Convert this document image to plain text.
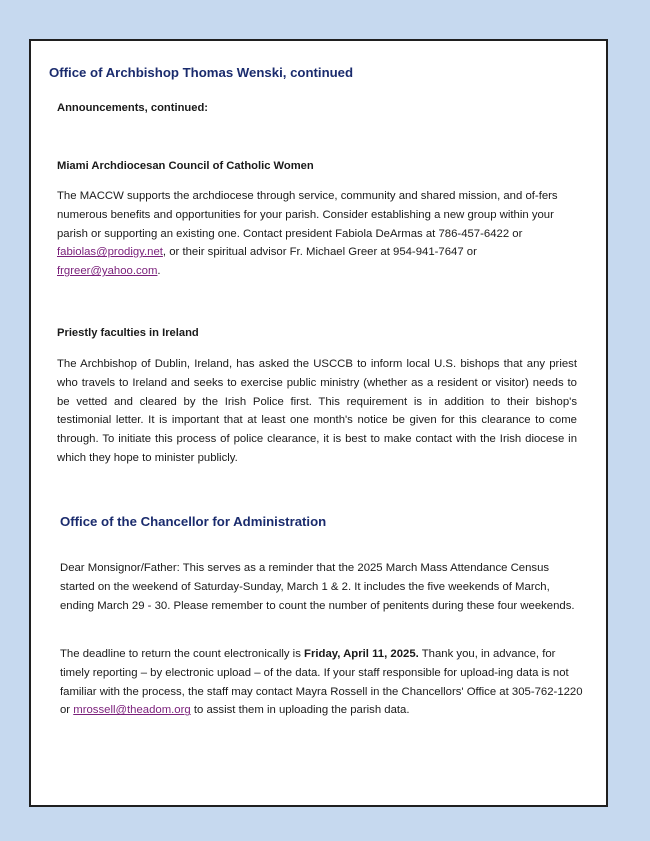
Office of Archbishop Thomas Wenski, continued
Announcements, continued:
Miami Archdiocesan Council of Catholic Women

The MACCW supports the archdiocese through service, community and shared mission, and of-fers numerous benefits and opportunities for your parish. Consider establishing a new group within your parish or supporting an existing one. Contact president Fabiola DeArmas at 786-457-6422 or fabiolas@prodigy.net, or their spiritual advisor Fr. Michael Greer at 954-941-7647 or frgreer@yahoo.com.

Priestly faculties in Ireland

The Archbishop of Dublin, Ireland, has asked the USCCB to inform local U.S. bishops that any priest who travels to Ireland and seeks to exercise public ministry (whether as a resident or visitor) needs to be vetted and cleared by the Irish Police first. This requirement is in addition to their bishop's testimonial letter. It is important that at least one month's notice be given for this clearance to come through. To initiate this process of police clearance, it is best to make contact with the Irish diocese in which they hope to minister publicly.

Office of the Chancellor for Administration

Dear Monsignor/Father: This serves as a reminder that the 2025 March Mass Attendance Census started on the weekend of Saturday-Sunday, March 1 & 2. It includes the five weekends of March, ending March 29 - 30. Please remember to count the number of penitents during these four weekends.

The deadline to return the count electronically is Friday, April 11, 2025. Thank you, in advance, for timely reporting – by electronic upload – of the data. If your staff responsible for upload-ing data is not familiar with the process, the staff may contact Mayra Rossell in the Chancellors' Office at 305-762-1220 or mrossell@theadom.org to assist them in uploading the parish data.
